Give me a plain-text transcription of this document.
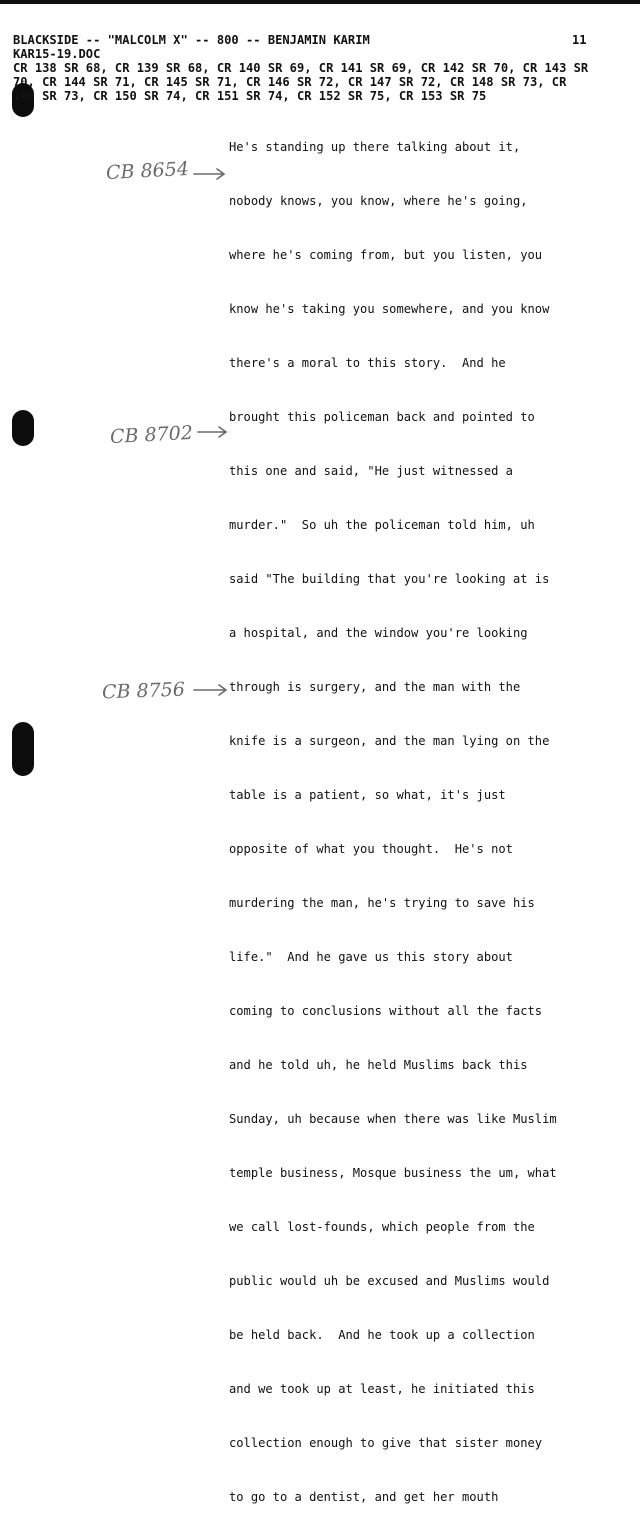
BLACKSIDE -- "MALCOLM X" -- 800 -- BENJAMIN KARIM	11
KAR15-19.DOC
CR 138 SR 68, CR 139 SR 68, CR 140 SR 69, CR 141 SR 69, CR 142 SR 70, CR 143 SR
70, CR 144 SR 71, CR 145 SR 71, CR 146 SR 72, CR 147 SR 72, CR 148 SR 73, CR
149 SR 73, CR 150 SR 74, CR 151 SR 74, CR 152 SR 75, CR 153 SR 75

He's standing up there talking about it,

nobody knows, you know, where he's going,

where he's coming from, but you listen, you

know he's taking you somewhere, and you know

there's a moral to this story.  And he

brought this policeman back and pointed to

this one and said, "He just witnessed a

murder."  So uh the policeman told him, uh

said "The building that you're looking at is

a hospital, and the window you're looking

through is surgery, and the man with the

knife is a surgeon, and the man lying on the

table is a patient, so what, it's just

opposite of what you thought.  He's not

murdering the man, he's trying to save his

life."  And he gave us this story about

coming to conclusions without all the facts

and he told uh, he held Muslims back this

Sunday, uh because when there was like Muslim

temple business, Mosque business the um, what

we call lost-founds, which people from the

public would uh be excused and Muslims would

be held back.  And he took up a collection

and we took up at least, he initiated this

collection enough to give that sister money

to go to a dentist, and get her mouth

CB 8654
CB 8702
CB 8756
